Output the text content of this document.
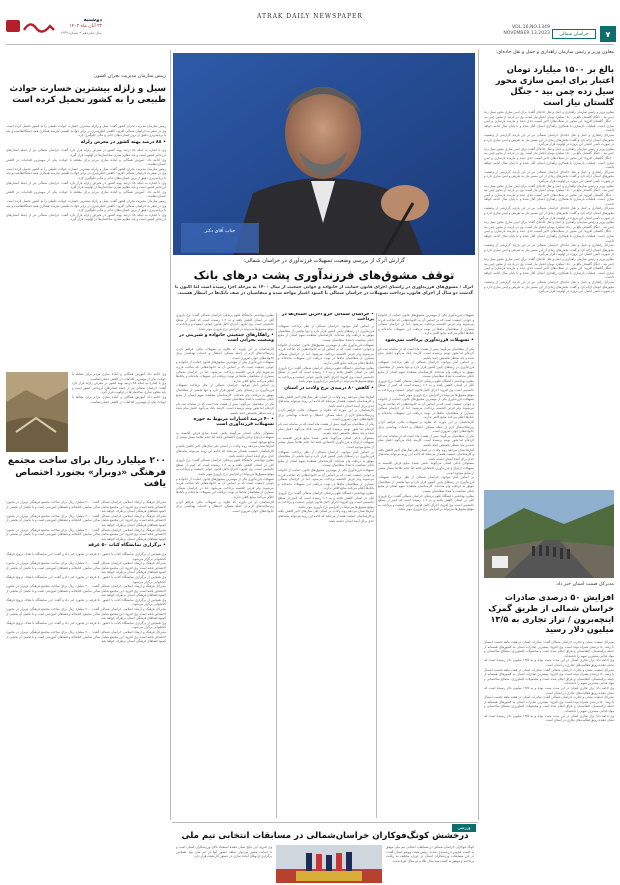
۷
خراسان شمالی
VOL.16,NO.1349
NOVEMBER 13.2023
ATRAK DAILY NEWSPAPER
دوشنبه
۲۲ آبان ماه ۱۴۰۲
سال شانزدهم • شماره ۱۳۴۹
جناب آقای دکتر
گزارش آترک از بررسی وضعیت تسهیلات فرزندآوری در خراسان شمالی:
توقف مشوق‌های فرزندآوری پشت درهای بانک
آترک / مشوق‌های فرزندآوری در راستای اجرای قانون حمایت از خانواده و جوانی جمعیت از سال ۱۴۰۰ به مرحله اجرا رسیده است اما اکنون با گذشت دو سال از اجرای قانون، پرداخت تسهیلات در خراسان شمالی با کمبود اعتبار مواجه شده و متقاضیان در صف بانک‌ها در انتظار هستند.
تسهیلات فرزندآوری یکی از مهمترین مشوق‌های قانون حمایت از خانواده و جوانی جمعیت است که بر اساس آن به خانواده‌هایی که صاحب فرزند می‌شوند وام قرض الحسنه پرداخت می‌شود. اما در خراسان شمالی بسیاری از متقاضیان ماه‌ها در نوبت دریافت این تسهیلات مانده‌اند و بانک‌ها اعلام می‌کنند منابع کافی ندارند.

• تسهیلات فرزندآوری پرداخت نمی‌شود
یکی از متقاضیان می‌گوید: بیش از هشت ماه است که در سامانه ثبت نام کرده‌ام اما هنوز نوبتم نرسیده است. کارمند بانک می‌گوید اعتبار تمام شده و باید منتظر تخصیص جدید باشیم.
بر اساس آمار موجود، خراسان شمالی از نظر پرداخت تسهیلات فرزندآوری در رتبه‌های پایین کشور قرار دارد و تنها بخشی از متقاضیان موفق به دریافت وام شده‌اند. کارشناسان معتقدند سهم استان از منابع بانکی متناسب با تعداد متقاضیان نیست.
معاون بهداشتی دانشگاه علوم پزشکی خراسان شمالی گفت: نرخ باروری کلی در استان کاهش یافته و به ۱.۹ رسیده است که کمتر از سطح جانشینی است. وی افزود: اجرای کامل قانون جوانی جمعیت و پرداخت به موقع مشوق‌ها می‌تواند در افزایش نرخ باروری موثر باشد.
تسهیلات فرزندآوری یکی از مهمترین مشوق‌های قانون حمایت از خانواده و جوانی جمعیت است که بر اساس آن به خانواده‌هایی که صاحب فرزند می‌شوند وام قرض الحسنه پرداخت می‌شود. اما در خراسان شمالی بسیاری از متقاضیان ماه‌ها در نوبت دریافت این تسهیلات مانده‌اند و بانک‌ها اعلام می‌کنند منابع کافی ندارند.
کارشناسان بر این باورند که علاوه بر تسهیلات مالی، فراهم کردن زیرساخت‌های لازم از جمله مسکن، اشتغال و خدمات بهداشتی برای خانواده‌های جوان ضروری است.
یکی از متقاضیان می‌گوید: بیش از هشت ماه است که در سامانه ثبت نام کرده‌ام اما هنوز نوبتم نرسیده است. کارمند بانک می‌گوید اعتبار تمام شده و باید منتظر تخصیص جدید باشیم.
آمارها نشان می‌دهد روند ولادت در استان طی سال‌های اخیر کاهش یافته و کارشناسان جمعیت هشدار می‌دهند که ادامه این روند می‌تواند پیامدهای جدی برای آینده استان داشته باشد.
مسئولان بانکی استان می‌گویند بخش عمده منابع قرض الحسنه به تسهیلات ازدواج و فرزندآوری اختصاص یافته اما حجم تقاضا بسیار بیشتر از منابع موجود است.
بر اساس آمار موجود، خراسان شمالی از نظر پرداخت تسهیلات فرزندآوری در رتبه‌های پایین کشور قرار دارد و تنها بخشی از متقاضیان موفق به دریافت وام شده‌اند. کارشناسان معتقدند سهم استان از منابع بانکی متناسب با تعداد متقاضیان نیست.
معاون بهداشتی دانشگاه علوم پزشکی خراسان شمالی گفت: نرخ باروری کلی در استان کاهش یافته و به ۱.۹ رسیده است که کمتر از سطح جانشینی است. وی افزود: اجرای کامل قانون جوانی جمعیت و پرداخت به موقع مشوق‌ها می‌تواند در افزایش نرخ باروری موثر باشد.
• خراسان شمالی جزو آخرین استان‌ها در پرداخت
بر اساس آمار موجود، خراسان شمالی از نظر پرداخت تسهیلات فرزندآوری در رتبه‌های پایین کشور قرار دارد و تنها بخشی از متقاضیان موفق به دریافت وام شده‌اند. کارشناسان معتقدند سهم استان از منابع بانکی متناسب با تعداد متقاضیان نیست.
تسهیلات فرزندآوری یکی از مهمترین مشوق‌های قانون حمایت از خانواده و جوانی جمعیت است که بر اساس آن به خانواده‌هایی که صاحب فرزند می‌شوند وام قرض الحسنه پرداخت می‌شود. اما در خراسان شمالی بسیاری از متقاضیان ماه‌ها در نوبت دریافت این تسهیلات مانده‌اند و بانک‌ها اعلام می‌کنند منابع کافی ندارند.
معاون بهداشتی دانشگاه علوم پزشکی خراسان شمالی گفت: نرخ باروری کلی در استان کاهش یافته و به ۱.۹ رسیده است که کمتر از سطح جانشینی است. وی افزود: اجرای کامل قانون جوانی جمعیت و پرداخت به موقع مشوق‌ها می‌تواند در افزایش نرخ باروری موثر باشد.

• کاهش ۸۰ درصدی نرخ ولادت در استان
آمارها نشان می‌دهد روند ولادت در استان طی سال‌های اخیر کاهش یافته و کارشناسان جمعیت هشدار می‌دهند که ادامه این روند می‌تواند پیامدهای جدی برای آینده استان داشته باشد.
کارشناسان بر این باورند که علاوه بر تسهیلات مالی، فراهم کردن زیرساخت‌های لازم از جمله مسکن، اشتغال و خدمات بهداشتی برای خانواده‌های جوان ضروری است.
یکی از متقاضیان می‌گوید: بیش از هشت ماه است که در سامانه ثبت نام کرده‌ام اما هنوز نوبتم نرسیده است. کارمند بانک می‌گوید اعتبار تمام شده و باید منتظر تخصیص جدید باشیم.
مسئولان بانکی استان می‌گویند بخش عمده منابع قرض الحسنه به تسهیلات ازدواج و فرزندآوری اختصاص یافته اما حجم تقاضا بسیار بیشتر از منابع موجود است.
بر اساس آمار موجود، خراسان شمالی از نظر پرداخت تسهیلات فرزندآوری در رتبه‌های پایین کشور قرار دارد و تنها بخشی از متقاضیان موفق به دریافت وام شده‌اند. کارشناسان معتقدند سهم استان از منابع بانکی متناسب با تعداد متقاضیان نیست.
تسهیلات فرزندآوری یکی از مهمترین مشوق‌های قانون حمایت از خانواده و جوانی جمعیت است که بر اساس آن به خانواده‌هایی که صاحب فرزند می‌شوند وام قرض الحسنه پرداخت می‌شود. اما در خراسان شمالی بسیاری از متقاضیان ماه‌ها در نوبت دریافت این تسهیلات مانده‌اند و بانک‌ها اعلام می‌کنند منابع کافی ندارند.
معاون بهداشتی دانشگاه علوم پزشکی خراسان شمالی گفت: نرخ باروری کلی در استان کاهش یافته و به ۱.۹ رسیده است که کمتر از سطح جانشینی است. وی افزود: اجرای کامل قانون جوانی جمعیت و پرداخت به موقع مشوق‌ها می‌تواند در افزایش نرخ باروری موثر باشد.
آمارها نشان می‌دهد روند ولادت در استان طی سال‌های اخیر کاهش یافته و کارشناسان جمعیت هشدار می‌دهند که ادامه این روند می‌تواند پیامدهای جدی برای آینده استان داشته باشد.
معاون بهداشتی دانشگاه علوم پزشکی خراسان شمالی گفت: نرخ باروری کلی در استان کاهش یافته و به ۱.۹ رسیده است که کمتر از سطح جانشینی است. وی افزود: اجرای کامل قانون جوانی جمعیت و پرداخت به موقع مشوق‌ها می‌تواند در افزایش نرخ باروری موثر باشد.

• راهکارهای جمعیتی خانواده و شیرینی در وضعیت بحرانی است
کارشناسان بر این باورند که علاوه بر تسهیلات مالی، فراهم کردن زیرساخت‌های لازم از جمله مسکن، اشتغال و خدمات بهداشتی برای خانواده‌های جوان ضروری است.
تسهیلات فرزندآوری یکی از مهمترین مشوق‌های قانون حمایت از خانواده و جوانی جمعیت است که بر اساس آن به خانواده‌هایی که صاحب فرزند می‌شوند وام قرض الحسنه پرداخت می‌شود. اما در خراسان شمالی بسیاری از متقاضیان ماه‌ها در نوبت دریافت این تسهیلات مانده‌اند و بانک‌ها اعلام می‌کنند منابع کافی ندارند.
بر اساس آمار موجود، خراسان شمالی از نظر پرداخت تسهیلات فرزندآوری در رتبه‌های پایین کشور قرار دارد و تنها بخشی از متقاضیان موفق به دریافت وام شده‌اند. کارشناسان معتقدند سهم استان از منابع بانکی متناسب با تعداد متقاضیان نیست.
یکی از متقاضیان می‌گوید: بیش از هشت ماه است که در سامانه ثبت نام کرده‌ام اما هنوز نوبتم نرسیده است. کارمند بانک می‌گوید اعتبار تمام شده و باید منتظر تخصیص جدید باشیم.

• ۴۰ درصد اعتبارات مربوط به حوزه تسهیلات فرزندآوری است
مسئولان بانکی استان می‌گویند بخش عمده منابع قرض الحسنه به تسهیلات ازدواج و فرزندآوری اختصاص یافته اما حجم تقاضا بسیار بیشتر از منابع موجود است.
آمارها نشان می‌دهد روند ولادت در استان طی سال‌های اخیر کاهش یافته و کارشناسان جمعیت هشدار می‌دهند که ادامه این روند می‌تواند پیامدهای جدی برای آینده استان داشته باشد.
معاون بهداشتی دانشگاه علوم پزشکی خراسان شمالی گفت: نرخ باروری کلی در استان کاهش یافته و به ۱.۹ رسیده است که کمتر از سطح جانشینی است. وی افزود: اجرای کامل قانون جوانی جمعیت و پرداخت به موقع مشوق‌ها می‌تواند در افزایش نرخ باروری موثر باشد.
تسهیلات فرزندآوری یکی از مهمترین مشوق‌های قانون حمایت از خانواده و جوانی جمعیت است که بر اساس آن به خانواده‌هایی که صاحب فرزند می‌شوند وام قرض الحسنه پرداخت می‌شود. اما در خراسان شمالی بسیاری از متقاضیان ماه‌ها در نوبت دریافت این تسهیلات مانده‌اند و بانک‌ها اعلام می‌کنند منابع کافی ندارند.
کارشناسان بر این باورند که علاوه بر تسهیلات مالی، فراهم کردن زیرساخت‌های لازم از جمله مسکن، اشتغال و خدمات بهداشتی برای خانواده‌های جوان ضروری است.
معاون وزیر و رئیس سازمان راهداری و حمل و نقل جاده‌ای:
بالغ بر ۱۵۰۰ میلیارد تومان اعتبار برای ایمن سازی محور سیل زده چمن بید - جنگل گلستان نیاز است
معاون وزیر و رئیس سازمان راهداری و حمل و نقل جاده‌ای گفت: برای ایمن سازی محور سیل زده چمن بید - جنگل گلستان بالغ بر ۱۵۰۰ میلیارد تومان اعتبار نیاز است. وی در بازدید از محور چمن بید - جنگل گلستان افزود: این محور در سیلاب‌های اخیر آسیب جدی دیده و نیازمند بازسازی و ایمن سازی است. عملیات بازسازی با همکاری راهداری استان آغاز شده و تا پایان سال ادامه خواهد داشت.
مدیرکل راهداری و حمل و نقل جاده‌ای خراسان شمالی نیز در این بازدید گزارشی از وضعیت محورهای استان ارائه کرد و گفت: بخش‌های زیادی از این مسیر نیاز به تعریض و ایمن سازی دارد و در صورت تأمین اعتبار، این پروژه در اولویت قرار می‌گیرد.
معاون وزیر و رئیس سازمان راهداری و حمل و نقل جاده‌ای گفت: برای ایمن سازی محور سیل زده چمن بید - جنگل گلستان بالغ بر ۱۵۰۰ میلیارد تومان اعتبار نیاز است. وی در بازدید از محور چمن بید - جنگل گلستان افزود: این محور در سیلاب‌های اخیر آسیب جدی دیده و نیازمند بازسازی و ایمن سازی است. عملیات بازسازی با همکاری راهداری استان آغاز شده و تا پایان سال ادامه خواهد داشت.
مدیرکل راهداری و حمل و نقل جاده‌ای خراسان شمالی نیز در این بازدید گزارشی از وضعیت محورهای استان ارائه کرد و گفت: بخش‌های زیادی از این مسیر نیاز به تعریض و ایمن سازی دارد و در صورت تأمین اعتبار، این پروژه در اولویت قرار می‌گیرد.
معاون وزیر و رئیس سازمان راهداری و حمل و نقل جاده‌ای گفت: برای ایمن سازی محور سیل زده چمن بید - جنگل گلستان بالغ بر ۱۵۰۰ میلیارد تومان اعتبار نیاز است. وی در بازدید از محور چمن بید - جنگل گلستان افزود: این محور در سیلاب‌های اخیر آسیب جدی دیده و نیازمند بازسازی و ایمن سازی است. عملیات بازسازی با همکاری راهداری استان آغاز شده و تا پایان سال ادامه خواهد داشت.
مدیرکل راهداری و حمل و نقل جاده‌ای خراسان شمالی نیز در این بازدید گزارشی از وضعیت محورهای استان ارائه کرد و گفت: بخش‌های زیادی از این مسیر نیاز به تعریض و ایمن سازی دارد و در صورت تأمین اعتبار، این پروژه در اولویت قرار می‌گیرد.
معاون وزیر و رئیس سازمان راهداری و حمل و نقل جاده‌ای گفت: برای ایمن سازی محور سیل زده چمن بید - جنگل گلستان بالغ بر ۱۵۰۰ میلیارد تومان اعتبار نیاز است. وی در بازدید از محور چمن بید - جنگل گلستان افزود: این محور در سیلاب‌های اخیر آسیب جدی دیده و نیازمند بازسازی و ایمن سازی است. عملیات بازسازی با همکاری راهداری استان آغاز شده و تا پایان سال ادامه خواهد داشت.
مدیرکل راهداری و حمل و نقل جاده‌ای خراسان شمالی نیز در این بازدید گزارشی از وضعیت محورهای استان ارائه کرد و گفت: بخش‌های زیادی از این مسیر نیاز به تعریض و ایمن سازی دارد و در صورت تأمین اعتبار، این پروژه در اولویت قرار می‌گیرد.
معاون وزیر و رئیس سازمان راهداری و حمل و نقل جاده‌ای گفت: برای ایمن سازی محور سیل زده چمن بید - جنگل گلستان بالغ بر ۱۵۰۰ میلیارد تومان اعتبار نیاز است. وی در بازدید از محور چمن بید - جنگل گلستان افزود: این محور در سیلاب‌های اخیر آسیب جدی دیده و نیازمند بازسازی و ایمن سازی است. عملیات بازسازی با همکاری راهداری استان آغاز شده و تا پایان سال ادامه خواهد داشت.
مدیرکل راهداری و حمل و نقل جاده‌ای خراسان شمالی نیز در این بازدید گزارشی از وضعیت محورهای استان ارائه کرد و گفت: بخش‌های زیادی از این مسیر نیاز به تعریض و ایمن سازی دارد و در صورت تأمین اعتبار، این پروژه در اولویت قرار می‌گیرد.
مدیرکل صمت استان خبر داد:
افزایش ۵۰ درصدی صادرات خراسان شمالی از طریق گمرک اینچه‌برون / تراز تجاری به ۱۳/۵ میلیون دلار رسید
مدیرکل صنعت، معدن و تجارت خراسان شمالی گفت: صادرات استان در هفت ماهه نخست امسال با رشد ۵۰ درصدی همراه بوده است. وی افزود: بیشترین صادرات استان به کشورهای همسایه از جمله ترکمنستان، افغانستان و عراق انجام شده است و محصولات کشاورزی، مصالح ساختمانی و مواد غذایی بیشترین سهم را داشته‌اند.
وی ادامه داد: تراز تجاری استان در این مدت مثبت بوده و به ۱۳/۵ میلیون دلار رسیده است که نشان دهنده رونق فعالیت‌های تجاری در استان است.
مدیرکل صنعت، معدن و تجارت خراسان شمالی گفت: صادرات استان در هفت ماهه نخست امسال با رشد ۵۰ درصدی همراه بوده است. وی افزود: بیشترین صادرات استان به کشورهای همسایه از جمله ترکمنستان، افغانستان و عراق انجام شده است و محصولات کشاورزی، مصالح ساختمانی و مواد غذایی بیشترین سهم را داشته‌اند.
وی ادامه داد: تراز تجاری استان در این مدت مثبت بوده و به ۱۳/۵ میلیون دلار رسیده است که نشان دهنده رونق فعالیت‌های تجاری در استان است.
مدیرکل صنعت، معدن و تجارت خراسان شمالی گفت: صادرات استان در هفت ماهه نخست امسال با رشد ۵۰ درصدی همراه بوده است. وی افزود: بیشترین صادرات استان به کشورهای همسایه از جمله ترکمنستان، افغانستان و عراق انجام شده است و محصولات کشاورزی، مصالح ساختمانی و مواد غذایی بیشترین سهم را داشته‌اند.
وی ادامه داد: تراز تجاری استان در این مدت مثبت بوده و به ۱۳/۵ میلیون دلار رسیده است که نشان دهنده رونق فعالیت‌های تجاری در استان است.
رییس سازمان مدیریت بحران کشور:
سیل و زلزله بیشترین خسارت حوادث طبیعی را به کشور تحمیل کرده است
رییس سازمان مدیریت بحران کشور گفت: سیل و زلزله بیشترین خسارت حوادث طبیعی را به کشور تحمیل کرده است. وی در سفر به خراسان شمالی افزود: کاهش خطرپذیری در برابر حوادث طبیعی نیازمند همکاری همه دستگاه‌هاست و باید با برنامه‌ریزی دقیق از بروز خسارت‌های جانی و مالی جلوگیری کرد.

• ۸۸ درصد پهنه کشور در معرض زلزله
وی با اشاره به اینکه ۸۸ درصد پهنه کشور در معرض زلزله قرار دارد گفت: خراسان شمالی نیز از جمله استان‌های لرزه‌خیز کشور است و باید مقاوم سازی ساختمان‌ها در اولویت قرار گیرد.
وی ادامه داد: آموزش همگانی و آماده سازی مردم برای مقابله با حوادث یکی از مهمترین اقدامات در کاهش خسارت‌هاست.
رییس سازمان مدیریت بحران کشور گفت: سیل و زلزله بیشترین خسارت حوادث طبیعی را به کشور تحمیل کرده است. وی در سفر به خراسان شمالی افزود: کاهش خطرپذیری در برابر حوادث طبیعی نیازمند همکاری همه دستگاه‌هاست و باید با برنامه‌ریزی دقیق از بروز خسارت‌های جانی و مالی جلوگیری کرد.
وی با اشاره به اینکه ۸۸ درصد پهنه کشور در معرض زلزله قرار دارد گفت: خراسان شمالی نیز از جمله استان‌های لرزه‌خیز کشور است و باید مقاوم سازی ساختمان‌ها در اولویت قرار گیرد.
وی ادامه داد: آموزش همگانی و آماده سازی مردم برای مقابله با حوادث یکی از مهمترین اقدامات در کاهش خسارت‌هاست.
رییس سازمان مدیریت بحران کشور گفت: سیل و زلزله بیشترین خسارت حوادث طبیعی را به کشور تحمیل کرده است. وی در سفر به خراسان شمالی افزود: کاهش خطرپذیری در برابر حوادث طبیعی نیازمند همکاری همه دستگاه‌هاست و باید با برنامه‌ریزی دقیق از بروز خسارت‌های جانی و مالی جلوگیری کرد.
وی با اشاره به اینکه ۸۸ درصد پهنه کشور در معرض زلزله قرار دارد گفت: خراسان شمالی نیز از جمله استان‌های لرزه‌خیز کشور است و باید مقاوم سازی ساختمان‌ها در اولویت قرار گیرد.
وی ادامه داد: آموزش همگانی و آماده سازی مردم برای مقابله با حوادث یکی از مهمترین اقدامات در کاهش خسارت‌هاست.
وی با اشاره به اینکه ۸۸ درصد پهنه کشور در معرض زلزله قرار دارد گفت: خراسان شمالی نیز از جمله استان‌های لرزه‌خیز کشور است و باید مقاوم سازی ساختمان‌ها در اولویت قرار گیرد.
وی ادامه داد: آموزش همگانی و آماده سازی مردم برای مقابله با حوادث یکی از مهمترین اقدامات در کاهش خسارت‌هاست.
۲۰۰ میلیارد ریال برای ساخت مجتمع فرهنگی «دوبرار» بجنورد اختصاص یافت
مدیرکل فرهنگ و ارشاد اسلامی خراسان شمالی گفت: ۲۰۰ میلیارد ریال برای ساخت مجتمع فرهنگی دوبرار در بجنورد اختصاص یافته است. وی افزود: این مجتمع شامل سالن نمایش، کتابخانه و فضاهای آموزشی است و با تکمیل آن بخشی از کمبود فضاهای فرهنگی استان برطرف خواهد شد.
مدیرکل فرهنگ و ارشاد اسلامی خراسان شمالی گفت: ۲۰۰ میلیارد ریال برای ساخت مجتمع فرهنگی دوبرار در بجنورد اختصاص یافته است. وی افزود: این مجتمع شامل سالن نمایش، کتابخانه و فضاهای آموزشی است و با تکمیل آن بخشی از کمبود فضاهای فرهنگی استان برطرف خواهد شد.
مدیرکل فرهنگ و ارشاد اسلامی خراسان شمالی گفت: ۲۰۰ میلیارد ریال برای ساخت مجتمع فرهنگی دوبرار در بجنورد اختصاص یافته است. وی افزود: این مجتمع شامل سالن نمایش، کتابخانه و فضاهای آموزشی است و با تکمیل آن بخشی از کمبود فضاهای فرهنگی استان برطرف خواهد شد.

• برگزاری نمایشگاه کتاب ۵۰ غرفه
وی همچنین از برگزاری نمایشگاه کتاب با حضور ۵۰ غرفه در بجنورد خبر داد و گفت: این نمایشگاه با هدف ترویج فرهنگ کتابخوانی برگزار می‌شود.
مدیرکل فرهنگ و ارشاد اسلامی خراسان شمالی گفت: ۲۰۰ میلیارد ریال برای ساخت مجتمع فرهنگی دوبرار در بجنورد اختصاص یافته است. وی افزود: این مجتمع شامل سالن نمایش، کتابخانه و فضاهای آموزشی است و با تکمیل آن بخشی از کمبود فضاهای فرهنگی استان برطرف خواهد شد.
وی همچنین از برگزاری نمایشگاه کتاب با حضور ۵۰ غرفه در بجنورد خبر داد و گفت: این نمایشگاه با هدف ترویج فرهنگ کتابخوانی برگزار می‌شود.
مدیرکل فرهنگ و ارشاد اسلامی خراسان شمالی گفت: ۲۰۰ میلیارد ریال برای ساخت مجتمع فرهنگی دوبرار در بجنورد اختصاص یافته است. وی افزود: این مجتمع شامل سالن نمایش، کتابخانه و فضاهای آموزشی است و با تکمیل آن بخشی از کمبود فضاهای فرهنگی استان برطرف خواهد شد.
وی همچنین از برگزاری نمایشگاه کتاب با حضور ۵۰ غرفه در بجنورد خبر داد و گفت: این نمایشگاه با هدف ترویج فرهنگ کتابخوانی برگزار می‌شود.
مدیرکل فرهنگ و ارشاد اسلامی خراسان شمالی گفت: ۲۰۰ میلیارد ریال برای ساخت مجتمع فرهنگی دوبرار در بجنورد اختصاص یافته است. وی افزود: این مجتمع شامل سالن نمایش، کتابخانه و فضاهای آموزشی است و با تکمیل آن بخشی از کمبود فضاهای فرهنگی استان برطرف خواهد شد.
وی همچنین از برگزاری نمایشگاه کتاب با حضور ۵۰ غرفه در بجنورد خبر داد و گفت: این نمایشگاه با هدف ترویج فرهنگ کتابخوانی برگزار می‌شود.
مدیرکل فرهنگ و ارشاد اسلامی خراسان شمالی گفت: ۲۰۰ میلیارد ریال برای ساخت مجتمع فرهنگی دوبرار در بجنورد اختصاص یافته است. وی افزود: این مجتمع شامل سالن نمایش، کتابخانه و فضاهای آموزشی است و با تکمیل آن بخشی از کمبود فضاهای فرهنگی استان برطرف خواهد شد.
ورزشی
درخشش کونگ‌فوکاران خراسان‌شمالی در مسابقات انتخابی تیم ملی
کونگ فوکاران خراسان شمالی در مسابقات انتخابی تیم ملی موفق به کسب عناوین ارزشمندی شدند. رئیس هیئت ووشو استان گفت: در این مسابقات ورزشکاران استان در اوزان مختلف به رقابت پرداختند و موفق به کسب سه مدال طلا و دو مدال نقره شدند.
وی افزود: این نتایج نشان دهنده استعداد بالای ورزشکاران استان است و با حمایت بیشتر می‌توان شاهد حضور آنها در تیم ملی بود. همچنین برگزاری اردوهای آماده سازی در دستور کار هیئت قرار دارد.
